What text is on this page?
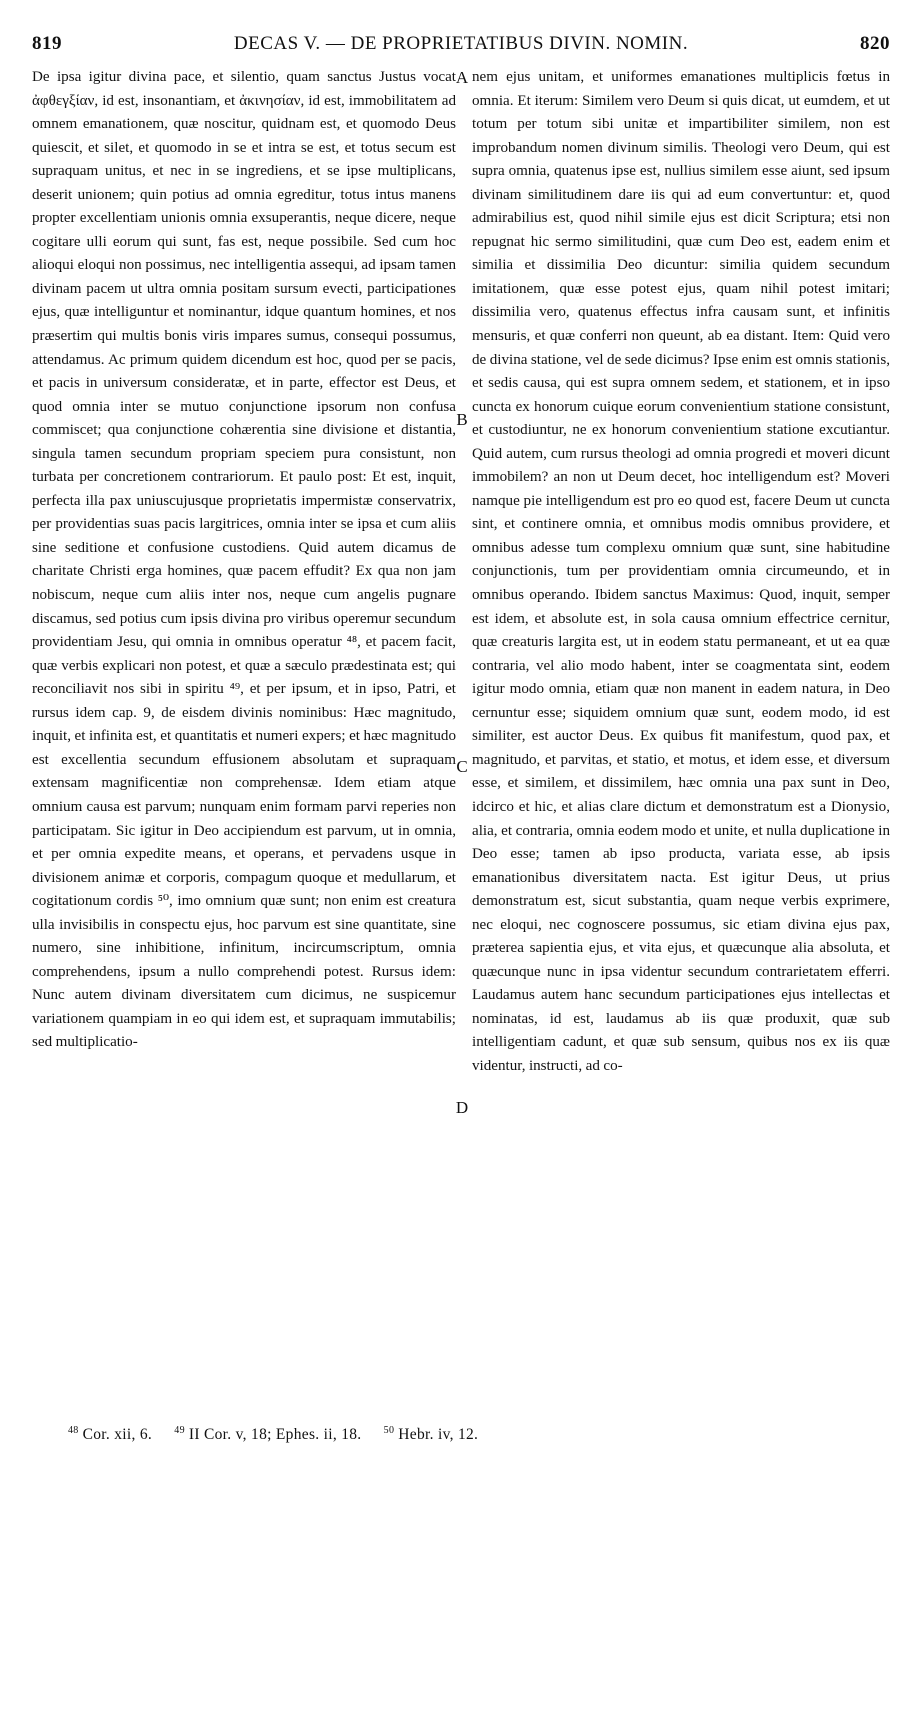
819	DECAS V. — DE PROPRIETATIBUS DIVIN. NOMIN.	820

De ipsa igitur divina pace, et silentio, quam sanctus Justus vocat ἀφθεγξίαν, id est, insonantiam, et ἀκινησίαν, id est, immobilitatem ad omnem emanationem, quæ noscitur, quidnam est, et quomodo Deus quiescit, et silet, et quomodo in se et intra se est, et totus secum est supraquam unitus, et nec in se ingrediens, et se ipse multiplicans, deserit unionem; quin potius ad omnia egreditur, totus intus manens propter excellentiam unionis omnia exsuperantis, neque dicere, neque cogitare ulli eorum qui sunt, fas est, neque possibile. Sed cum hoc alioqui eloqui non possimus, nec intelligentia assequi, ad ipsam tamen divinam pacem ut ultra omnia positam sursum evecti, participationes ejus, quæ intelliguntur et nominantur, idque quantum homines, et nos præsertim qui multis bonis viris impares sumus, consequi possumus, attendamus. Ac primum quidem dicendum est hoc, quod per se pacis, et pacis in universum consideratæ, et in parte, effector est Deus, et quod omnia inter se mutuo conjunctione ipsorum non confusa commiscet; qua conjunctione cohærentia sine divisione et distantia, singula tamen secundum propriam speciem pura consistunt, non turbata per concretionem contrariorum. Et paulo post: Et est, inquit, perfecta illa pax uniuscujusque proprietatis impermistæ conservatrix, per providentias suas pacis largitrices, omnia inter se ipsa et cum aliis sine seditione et confusione custodiens. Quid autem dicamus de charitate Christi erga homines, quæ pacem effudit? Ex qua non jam nobiscum, neque cum aliis inter nos, neque cum angelis pugnare discamus, sed potius cum ipsis divina pro viribus operemur secundum providentiam Jesu, qui omnia in omnibus operatur ⁴⁸, et pacem facit, quæ verbis explicari non potest, et quæ a sæculo prædestinata est; qui reconciliavit nos sibi in spiritu ⁴⁹, et per ipsum, et in ipso, Patri, et rursus idem cap. 9, de eisdem divinis nominibus: Hæc magnitudo, inquit, et infinita est, et quantitatis et numeri expers; et hæc magnitudo est excellentia secundum effusionem absolutam et supraquam extensam magnificentiæ non comprehensæ. Idem etiam atque omnium causa est parvum; nunquam enim formam parvi reperies non participatam. Sic igitur in Deo accipiendum est parvum, ut in omnia, et per omnia expedite means, et operans, et pervadens usque in divisionem animæ et corporis, compagum quoque et medullarum, et cogitationum cordis ⁵⁰, imo omnium quæ sunt; non enim est creatura ulla invisibilis in conspectu ejus, hoc parvum est sine quantitate, sine numero, sine inhibitione, infinitum, incircumscriptum, omnia comprehendens, ipsum a nullo comprehendi potest. Rursus idem: Nunc autem divinam diversitatem cum dicimus, ne suspicemur variationem quampiam in eo qui idem est, et supraquam immutabilis; sed multiplicatio-

A
B
C
D

nem ejus unitam, et uniformes emanationes multiplicis fœtus in omnia. Et iterum: Similem vero Deum si quis dicat, ut eumdem, et ut totum per totum sibi unitæ et impartibiliter similem, non est improbandum nomen divinum similis. Theologi vero Deum, qui est supra omnia, quatenus ipse est, nullius similem esse aiunt, sed ipsum divinam similitudinem dare iis qui ad eum convertuntur: et, quod admirabilius est, quod nihil simile ejus est dicit Scriptura; etsi non repugnat hic sermo similitudini, quæ cum Deo est, eadem enim et similia et dissimilia Deo dicuntur: similia quidem secundum imitationem, quæ esse potest ejus, quam nihil potest imitari; dissimilia vero, quatenus effectus infra causam sunt, et infinitis mensuris, et quæ conferri non queunt, ab ea distant. Item: Quid vero de divina statione, vel de sede dicimus? Ipse enim est omnis stationis, et sedis causa, qui est supra omnem sedem, et stationem, et in ipso cuncta ex honorum cuique eorum convenientium statione consistunt, et custodiuntur, ne ex honorum convenientium statione excutiantur. Quid autem, cum rursus theologi ad omnia progredi et moveri dicunt immobilem? an non ut Deum decet, hoc intelligendum est? Moveri namque pie intelligendum est pro eo quod est, facere Deum ut cuncta sint, et continere omnia, et omnibus modis omnibus providere, et omnibus adesse tum complexu omnium quæ sunt, sine habitudine conjunctionis, tum per providentiam omnia circumeundo, et in omnibus operando. Ibidem sanctus Maximus: Quod, inquit, semper est idem, et absolute est, in sola causa omnium effectrice cernitur, quæ creaturis largita est, ut in eodem statu permaneant, et ut ea quæ contraria, vel alio modo habent, inter se coagmentata sint, eodem igitur modo omnia, etiam quæ non manent in eadem natura, in Deo cernuntur esse; siquidem omnium quæ sunt, eodem modo, id est similiter, est auctor Deus. Ex quibus fit manifestum, quod pax, et magnitudo, et parvitas, et statio, et motus, et idem esse, et diversum esse, et similem, et dissimilem, hæc omnia una pax sunt in Deo, idcirco et hic, et alias clare dictum et demonstratum est a Dionysio, alia, et contraria, omnia eodem modo et unite, et nulla duplicatione in Deo esse; tamen ab ipso producta, variata esse, ab ipsis emanationibus diversitatem nacta. Est igitur Deus, ut prius demonstratum est, sicut substantia, quam neque verbis exprimere, nec eloqui, nec cognoscere possumus, sic etiam divina ejus pax, præterea sapientia ejus, et vita ejus, et quæcunque alia absoluta, et quæcunque nunc in ipsa videntur secundum contrarietatem efferri. Laudamus autem hanc secundum participationes ejus intellectas et nominatas, id est, laudamus ab iis quæ produxit, quæ sub intelligentiam cadunt, et quæ sub sensum, quibus nos ex iis quæ videntur, instructi, ad co-

$^{48}$ Cor. xii, 6. $^{49}$ II Cor. v, 18; Ephes. ii, 18. $^{50}$ Hebr. iv, 12.
